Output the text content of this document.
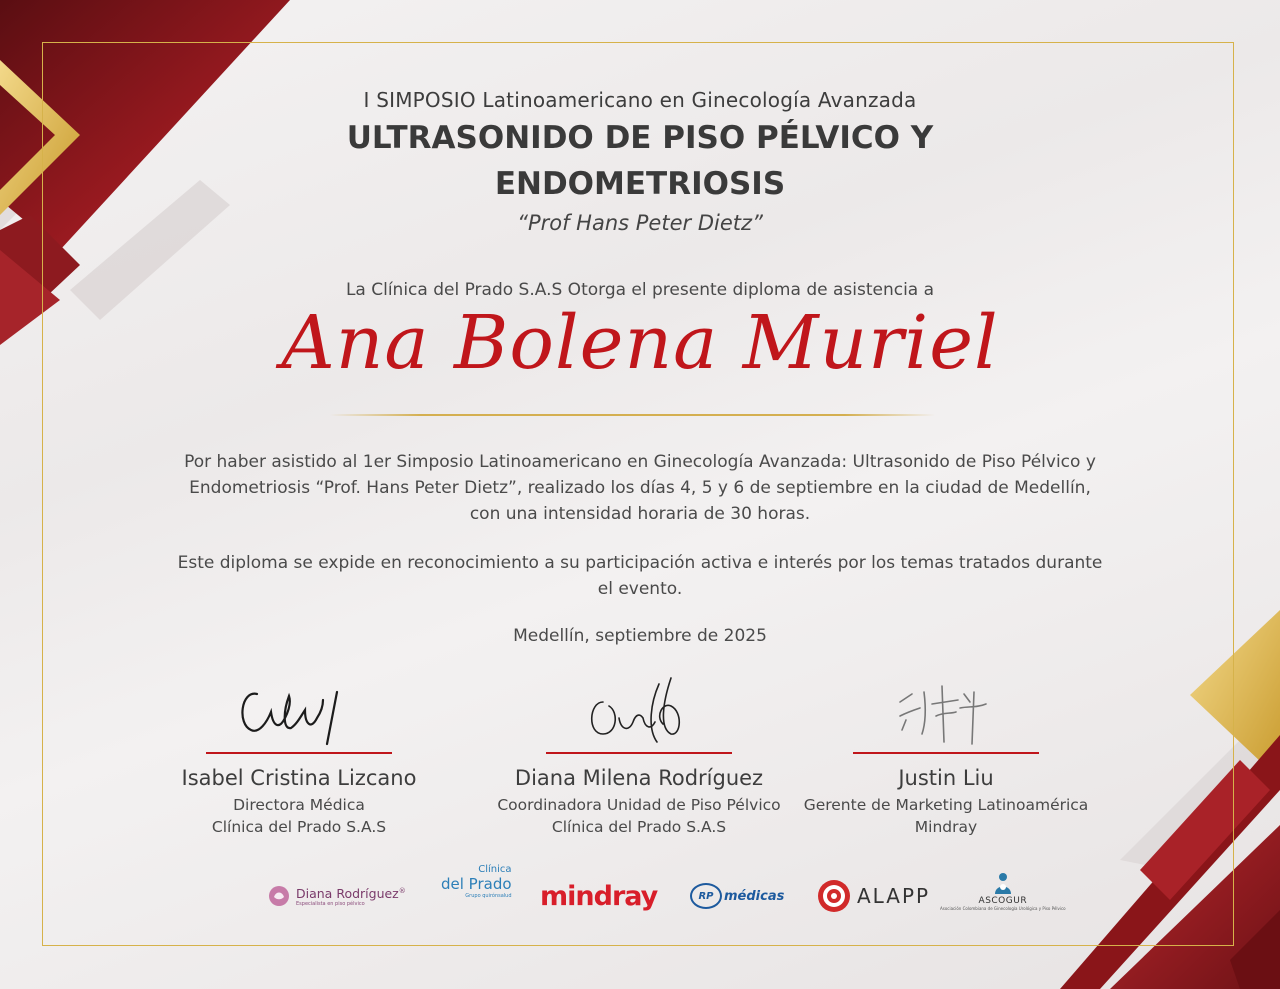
I SIMPOSIO Latinoamericano en Ginecología Avanzada
ULTRASONIDO DE PISO PÉLVICO Y
ENDOMETRIOSIS
“Prof Hans Peter Dietz”
La Clínica del Prado S.A.S Otorga el presente diploma de asistencia a
Ana Bolena Muriel
Por haber asistido al 1er Simposio Latinoamericano en Ginecología Avanzada: Ultrasonido de Piso Pélvico y
Endometriosis “Prof. Hans Peter Dietz”, realizado los días 4, 5 y 6 de septiembre en la ciudad de Medellín,
con una intensidad horaria de 30 horas.
Este diploma se expide en reconocimiento a su participación activa e interés por los temas tratados durante
el evento.
Medellín, septiembre de 2025
Isabel Cristina Lizcano
Directora Médica
Clínica del Prado S.A.S
Diana Milena Rodríguez
Coordinadora Unidad de Piso Pélvico
Clínica del Prado S.A.S
Justin Liu
Gerente de Marketing Latinoamérica
Mindray
Diana Rodríguez®
Especialista en piso pélvico
Clínica
del Prado
Grupo quirónsalud mindray	RP médicas	ALAPP	ASCOGUR
Asociación Colombiana de Ginecología Urológica y Piso Pélvico
